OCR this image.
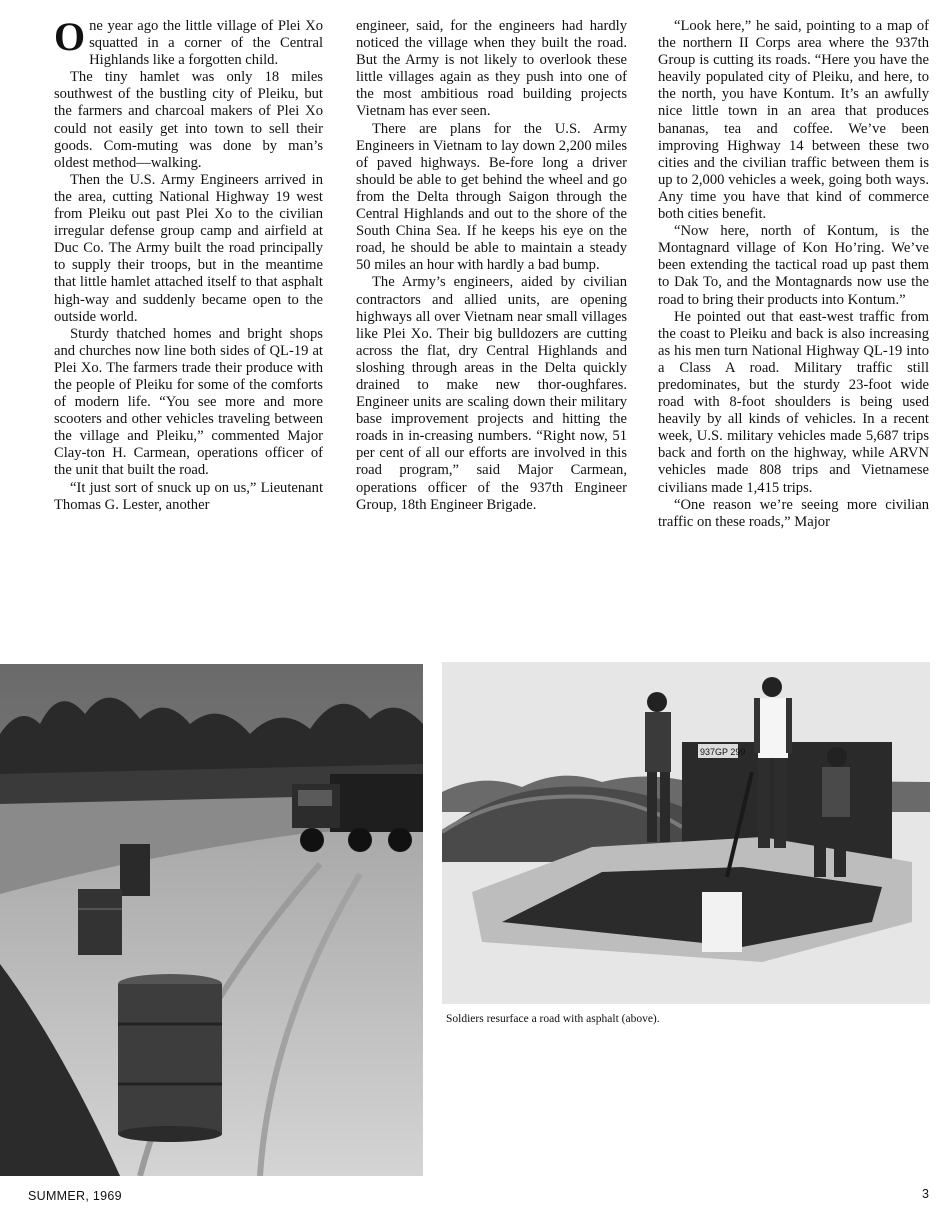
One year ago the little village of Plei Xo squatted in a corner of the Central Highlands like a forgotten child.

The tiny hamlet was only 18 miles southwest of the bustling city of Pleiku, but the farmers and charcoal makers of Plei Xo could not easily get into town to sell their goods. Com-muting was done by man’s oldest method—walking.

Then the U.S. Army Engineers arrived in the area, cutting National Highway 19 west from Pleiku out past Plei Xo to the civilian irregular defense group camp and airfield at Duc Co. The Army built the road principally to supply their troops, but in the meantime that little hamlet attached itself to that asphalt high-way and suddenly became open to the outside world.

Sturdy thatched homes and bright shops and churches now line both sides of QL-19 at Plei Xo. The farmers trade their produce with the people of Pleiku for some of the comforts of modern life. “You see more and more scooters and other vehicles traveling between the village and Pleiku,” commented Major Clay-ton H. Carmean, operations officer of the unit that built the road.

“It just sort of snuck up on us,” Lieutenant Thomas G. Lester, another

engineer, said, for the engineers had hardly noticed the village when they built the road. But the Army is not likely to overlook these little villages again as they push into one of the most ambitious road building projects Vietnam has ever seen.

There are plans for the U.S. Army Engineers in Vietnam to lay down 2,200 miles of paved highways. Be-fore long a driver should be able to get behind the wheel and go from the Delta through Saigon through the Central Highlands and out to the shore of the South China Sea. If he keeps his eye on the road, he should be able to maintain a steady 50 miles an hour with hardly a bad bump.

The Army’s engineers, aided by civilian contractors and allied units, are opening highways all over Vietnam near small villages like Plei Xo. Their big bulldozers are cutting across the flat, dry Central Highlands and sloshing through areas in the Delta quickly drained to make new thor-oughfares. Engineer units are scaling down their military base improvement projects and hitting the roads in in-creasing numbers. “Right now, 51 per cent of all our efforts are involved in this road program,” said Major Carmean, operations officer of the 937th Engineer Group, 18th Engineer Brigade.

“Look here,” he said, pointing to a map of the northern II Corps area where the 937th Group is cutting its roads. “Here you have the heavily populated city of Pleiku, and here, to the north, you have Kontum. It’s an awfully nice little town in an area that produces bananas, tea and coffee. We’ve been improving Highway 14 between these two cities and the civilian traffic between them is up to 2,000 vehicles a week, going both ways. Any time you have that kind of commerce both cities benefit.

“Now here, north of Kontum, is the Montagnard village of Kon Ho’ring. We’ve been extending the tactical road up past them to Dak To, and the Montagnards now use the road to bring their products into Kontum.”

He pointed out that east-west traffic from the coast to Pleiku and back is also increasing as his men turn National Highway QL-19 into a Class A road. Military traffic still predominates, but the sturdy 23-foot wide road with 8-foot shoulders is being used heavily by all kinds of vehicles. In a recent week, U.S. military vehicles made 5,687 trips back and forth on the highway, while ARVN vehicles made 808 trips and Vietnamese civilians made 1,415 trips.

“One reason we’re seeing more civilian traffic on these roads,” Major

937GP 299
Soldiers resurface a road with asphalt (above).
SUMMER, 1969	3
